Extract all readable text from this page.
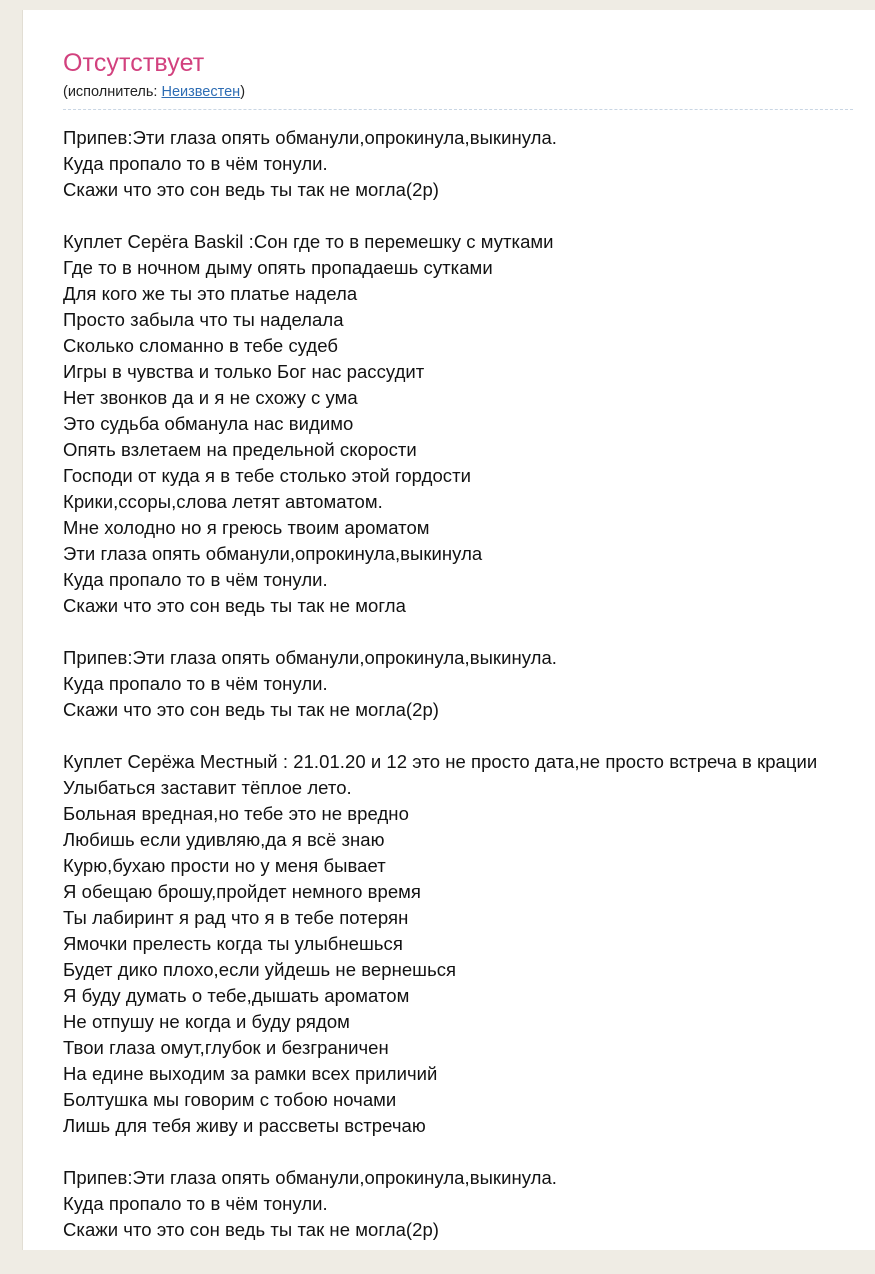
Отсутствует
(исполнитель: Неизвестен)
Припев:Эти глаза опять обманули,опрокинула,выкинула.
Куда пропало то в чём тонули.
Скажи что это сон ведь ты так не могла(2р)
Куплет Серёга Baskil :Сон где то в перемешку с мутками
Где то в ночном дыму опять пропадаешь сутками
Для кого же ты это платье надела
Просто забыла что ты наделала
Сколько сломанно в тебе судеб
Игры в чувства и только Бог нас рассудит
Нет звонков да и я не схожу с ума
Это судьба обманула нас видимо
Опять взлетаем на предельной скорости
Господи от куда я в тебе столько этой гордости
Крики,ссоры,слова летят автоматом.
Мне холодно но я греюсь твоим ароматом
Эти глаза опять обманули,опрокинула,выкинула
Куда пропало то в чём тонули.
Скажи что это сон ведь ты так не могла
Припев:Эти глаза опять обманули,опрокинула,выкинула.
Куда пропало то в чём тонули.
Скажи что это сон ведь ты так не могла(2р)
Куплет Серёжа Местный : 21.01.20 и 12 это не просто дата,не просто встреча в крации
Улыбаться заставит тёплое лето.
Больная вредная,но тебе это не вредно
Любишь если удивляю,да я всё знаю
Курю,бухаю прости но у меня бывает
Я обещаю брошу,пройдет немного время
Ты лабиринт я рад что я в тебе потерян
Ямочки прелесть когда ты улыбнешься
Будет дико плохо,если уйдешь не вернешься
Я буду думать о тебе,дышать ароматом
Не отпушу не когда и буду рядом
Твои глаза омут,глубок и безграничен
На едине выходим за рамки всех приличий
Болтушка мы говорим с тобою ночами
Лишь для тебя живу и рассветы встречаю
Припев:Эти глаза опять обманули,опрокинула,выкинула.
Куда пропало то в чём тонули.
Скажи что это сон ведь ты так не могла(2р)
